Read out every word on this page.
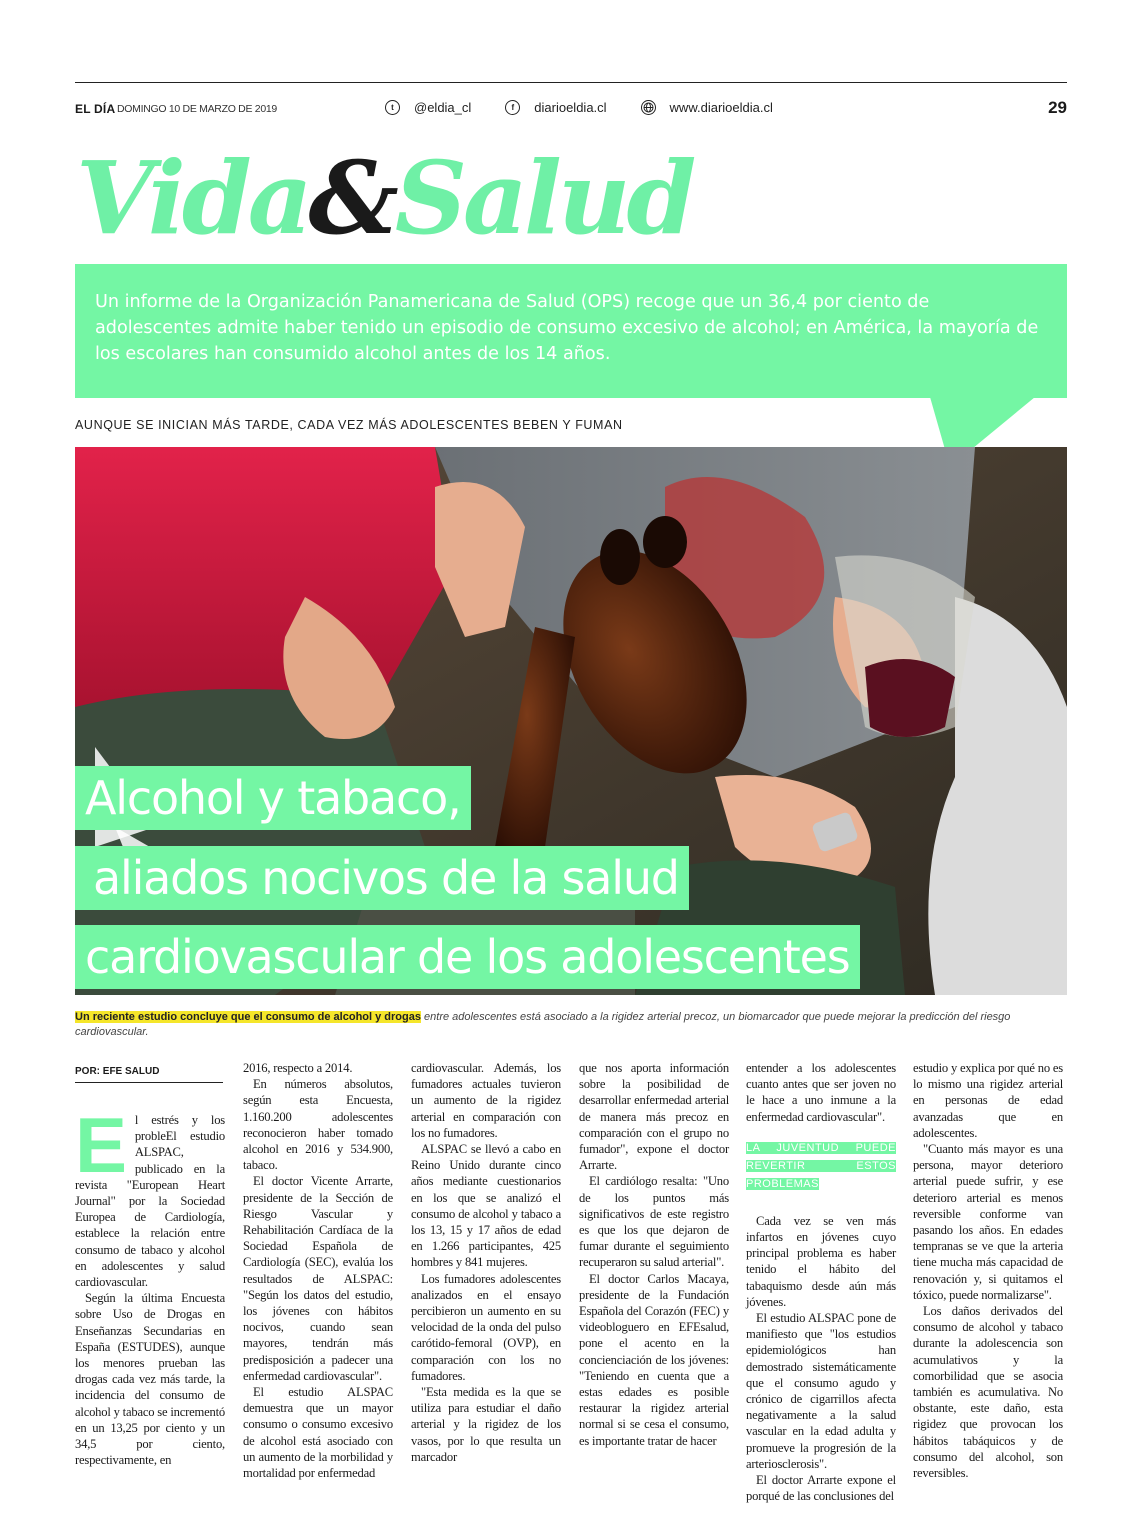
EL DÍA DOMINGO 10 DE MARZO DE 2019	t	@eldia_cl	f	diarioeldia.cl	www.diarioeldia.cl	29
Vida&Salud

Un informe de la Organización Panamericana de Salud (OPS) recoge que un 36,4 por ciento de adolescentes admite haber tenido un episodio de consumo excesivo de alcohol; en América, la mayoría de los escolares han consumido alcohol antes de los 14 años.

AUNQUE SE INICIAN MÁS TARDE, CADA VEZ MÁS ADOLESCENTES BEBEN Y FUMAN
Alcohol y tabaco,
aliados nocivos de la salud
cardiovascular de los adolescentes
Un reciente estudio concluye que el consumo de alcohol y drogas entre adolescentes está asociado a la rigidez arterial precoz, un biomarcador que puede mejorar la predicción del riesgo cardiovascular.
POR: EFE SALUD
E l estrés y los probleEl estudio ALSPAC, publicado en la revista "European Heart Journal" por la Sociedad Europea de Cardiología, establece la relación entre consumo de tabaco y alcohol en adolescentes y salud cardiovascular.

Según la última Encuesta sobre Uso de Drogas en Enseñanzas Secundarias en España (ESTUDES), aunque los menores prueban las drogas cada vez más tarde, la incidencia del consumo de alcohol y tabaco se incrementó en un 13,25 por ciento y un 34,5 por ciento, respectivamente, en

2016, respecto a 2014.

En números absolutos, según esta Encuesta, 1.160.200 adolescentes reconocieron haber tomado alcohol en 2016 y 534.900, tabaco.

El doctor Vicente Arrarte, presidente de la Sección de Riesgo Vascular y Rehabilitación Cardíaca de la Sociedad Española de Cardiología (SEC), evalúa los resultados de ALSPAC: "Según los datos del estudio, los jóvenes con hábitos nocivos, cuando sean mayores, tendrán más predisposición a padecer una enfermedad cardiovascular".

El estudio ALSPAC demuestra que un mayor consumo o consumo excesivo de alcohol está asociado con un aumento de la morbilidad y mortalidad por enfermedad

cardiovascular. Además, los fumadores actuales tuvieron un aumento de la rigidez arterial en comparación con los no fumadores.

ALSPAC se llevó a cabo en Reino Unido durante cinco años mediante cuestionarios en los que se analizó el consumo de alcohol y tabaco a los 13, 15 y 17 años de edad en 1.266 participantes, 425 hombres y 841 mujeres.

Los fumadores adolescentes analizados en el ensayo percibieron un aumento en su velocidad de la onda del pulso carótido-femoral (OVP), en comparación con los no fumadores.

"Esta medida es la que se utiliza para estudiar el daño arterial y la rigidez de los vasos, por lo que resulta un marcador

que nos aporta información sobre la posibilidad de desarrollar enfermedad arterial de manera más precoz en comparación con el grupo no fumador", expone el doctor Arrarte.

El cardiólogo resalta: "Uno de los puntos más significativos de este registro es que los que dejaron de fumar durante el seguimiento recuperaron su salud arterial".

El doctor Carlos Macaya, presidente de la Fundación Española del Corazón (FEC) y videobloguero en EFEsalud, pone el acento en la concienciación de los jóvenes: "Teniendo en cuenta que a estas edades es posible restaurar la rigidez arterial normal si se cesa el consumo, es importante tratar de hacer

entender a los adolescentes cuanto antes que ser joven no le hace a uno inmune a la enfermedad cardiovascular".

LA JUVENTUD PUEDE REVERTIR ESTOS PROBLEMAS

Cada vez se ven más infartos en jóvenes cuyo principal problema es haber tenido el hábito del tabaquismo desde aún más jóvenes.

El estudio ALSPAC pone de manifiesto que "los estudios epidemiológicos han demostrado sistemáticamente que el consumo agudo y crónico de cigarrillos afecta negativamente a la salud vascular en la edad adulta y promueve la progresión de la arteriosclerosis".

El doctor Arrarte expone el porqué de las conclusiones del

estudio y explica por qué no es lo mismo una rigidez arterial en personas de edad avanzadas que en adolescentes.

"Cuanto más mayor es una persona, mayor deterioro arterial puede sufrir, y ese deterioro arterial es menos reversible conforme van pasando los años. En edades tempranas se ve que la arteria tiene mucha más capacidad de renovación y, si quitamos el tóxico, puede normalizarse".

Los daños derivados del consumo de alcohol y tabaco durante la adolescencia son acumulativos y la comorbilidad que se asocia también es acumulativa. No obstante, este daño, esta rigidez que provocan los hábitos tabáquicos y de consumo del alcohol, son reversibles.
